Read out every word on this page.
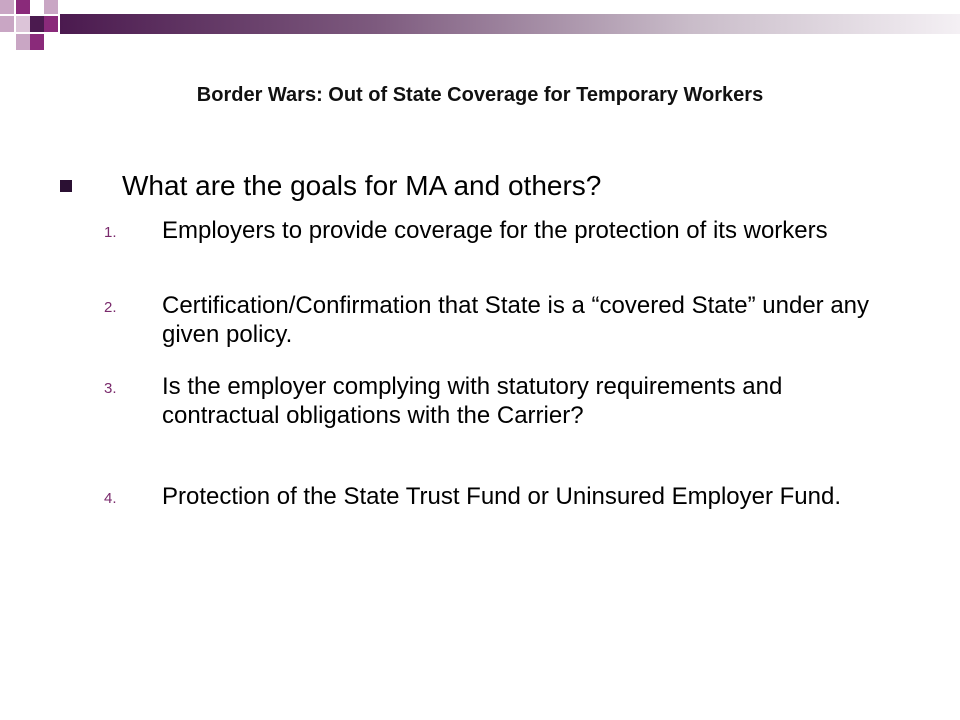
Border Wars: Out of State Coverage for Temporary Workers
What are the goals for MA and others?
1. Employers to provide coverage for the protection of its workers
2. Certification/Confirmation that State is a “covered State” under any given policy.
3. Is the employer complying with statutory requirements and contractual obligations with the Carrier?
4. Protection of the State Trust Fund or Uninsured Employer Fund.
